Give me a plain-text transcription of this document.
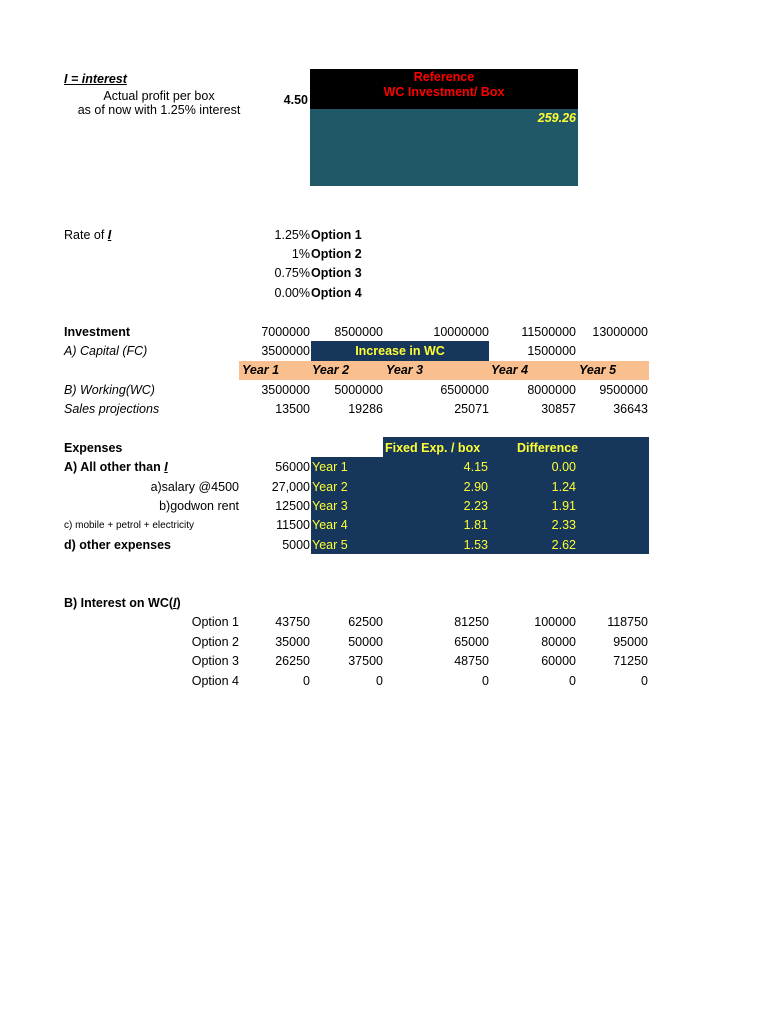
I = interest
Actual profit per box
as of now with 1.25% interest
4.50
Reference
WC Investment/ Box
259.26
Rate of I	1.25% Option 1
1% Option 2
0.75% Option 3
0.00% Option 4
Investment	7000000	8500000	10000000	11500000	13000000
A) Capital (FC)	3500000	Increase in WC	1500000
Year 1	Year 2	Year 3	Year 4	Year 5
B) Working(WC)	3500000	5000000	6500000	8000000	9500000
Sales projections	13500	19286	25071	30857	36643
Expenses	Fixed Exp. / box	Difference
A) All other than I	56000 Year 1	4.15	0.00
a)salary @4500	27,000 Year 2	2.90	1.24
b)godwon rent	12500 Year 3	2.23	1.91
c) mobile + petrol + electricity	11500 Year 4	1.81	2.33
d) other expenses	5000 Year 5	1.53	2.62
B) Interest on WC(I)
Option 1	43750	62500	81250	100000	118750
Option 2	35000	50000	65000	80000	95000
Option 3	26250	37500	48750	60000	71250
Option 4	0	0	0	0	0
